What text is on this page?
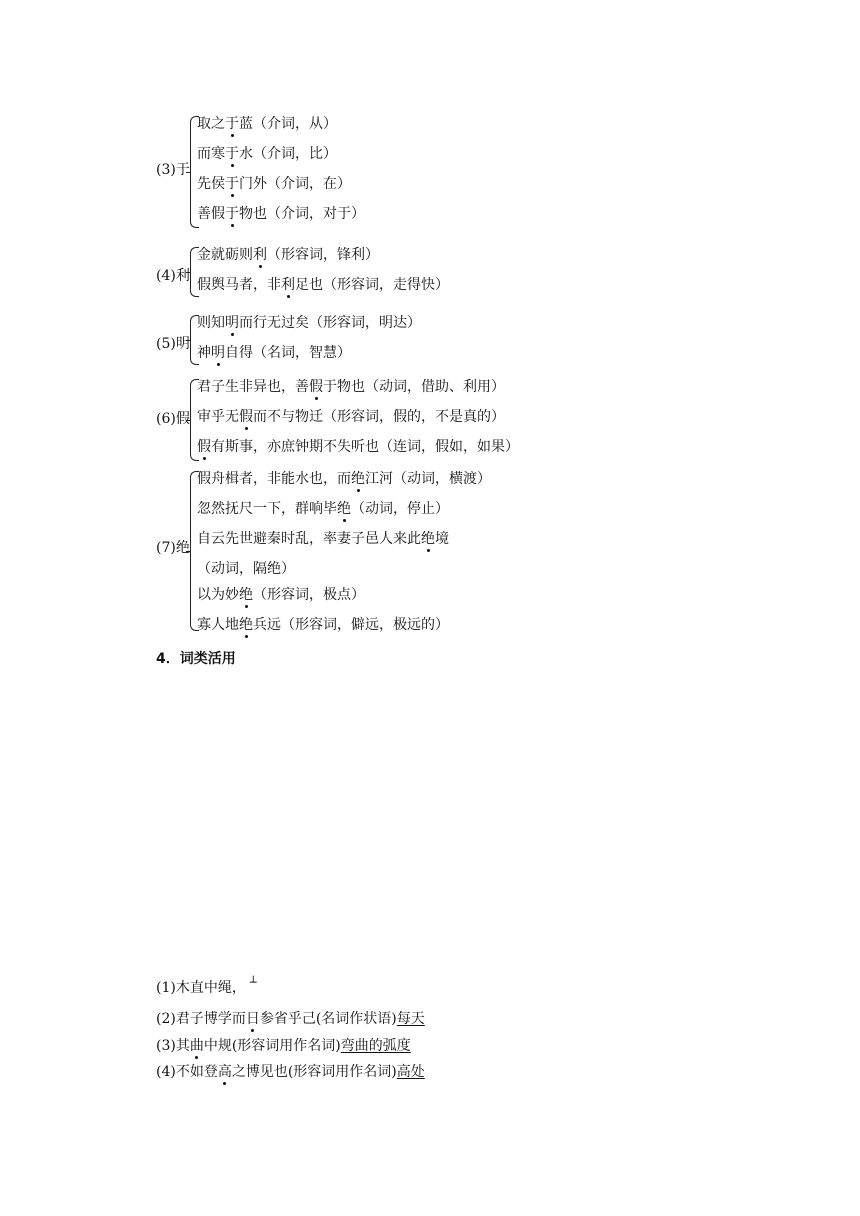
(3)于
取之于蓝（介词，从）
而寒于水（介词，比）
先侯于门外（介词，在）
善假于物也（介词，对于）
(4)利
金就砺则利（形容词，锋利）
假舆马者，非利足也（形容词，走得快）
(5)明
则知明而行无过矣（形容词，明达）
神明自得（名词，智慧）
(6)假
君子生非异也，善假于物也（动词，借助、利用）
审乎无假而不与物迁（形容词，假的，不是真的）
假有斯事，亦庶钟期不失听也（连词，假如，如果）
(7)绝
假舟楫者，非能水也，而绝江河（动词，横渡）
忽然抚尺一下，群响毕绝（动词，停止）
自云先世避秦时乱，率妻子邑人来此绝境
（动词，隔绝）
以为妙绝（形容词，极点）
寡人地绝兵远（形容词，僻远，极远的）
4．词类活用
(1)木直中绳， ┴
(2)君子博学而日参省乎己(名词作状语)每天
(3)其曲中规(形容词用作名词)弯曲的弧度
(4)不如登高之博见也(形容词用作名词)高处
